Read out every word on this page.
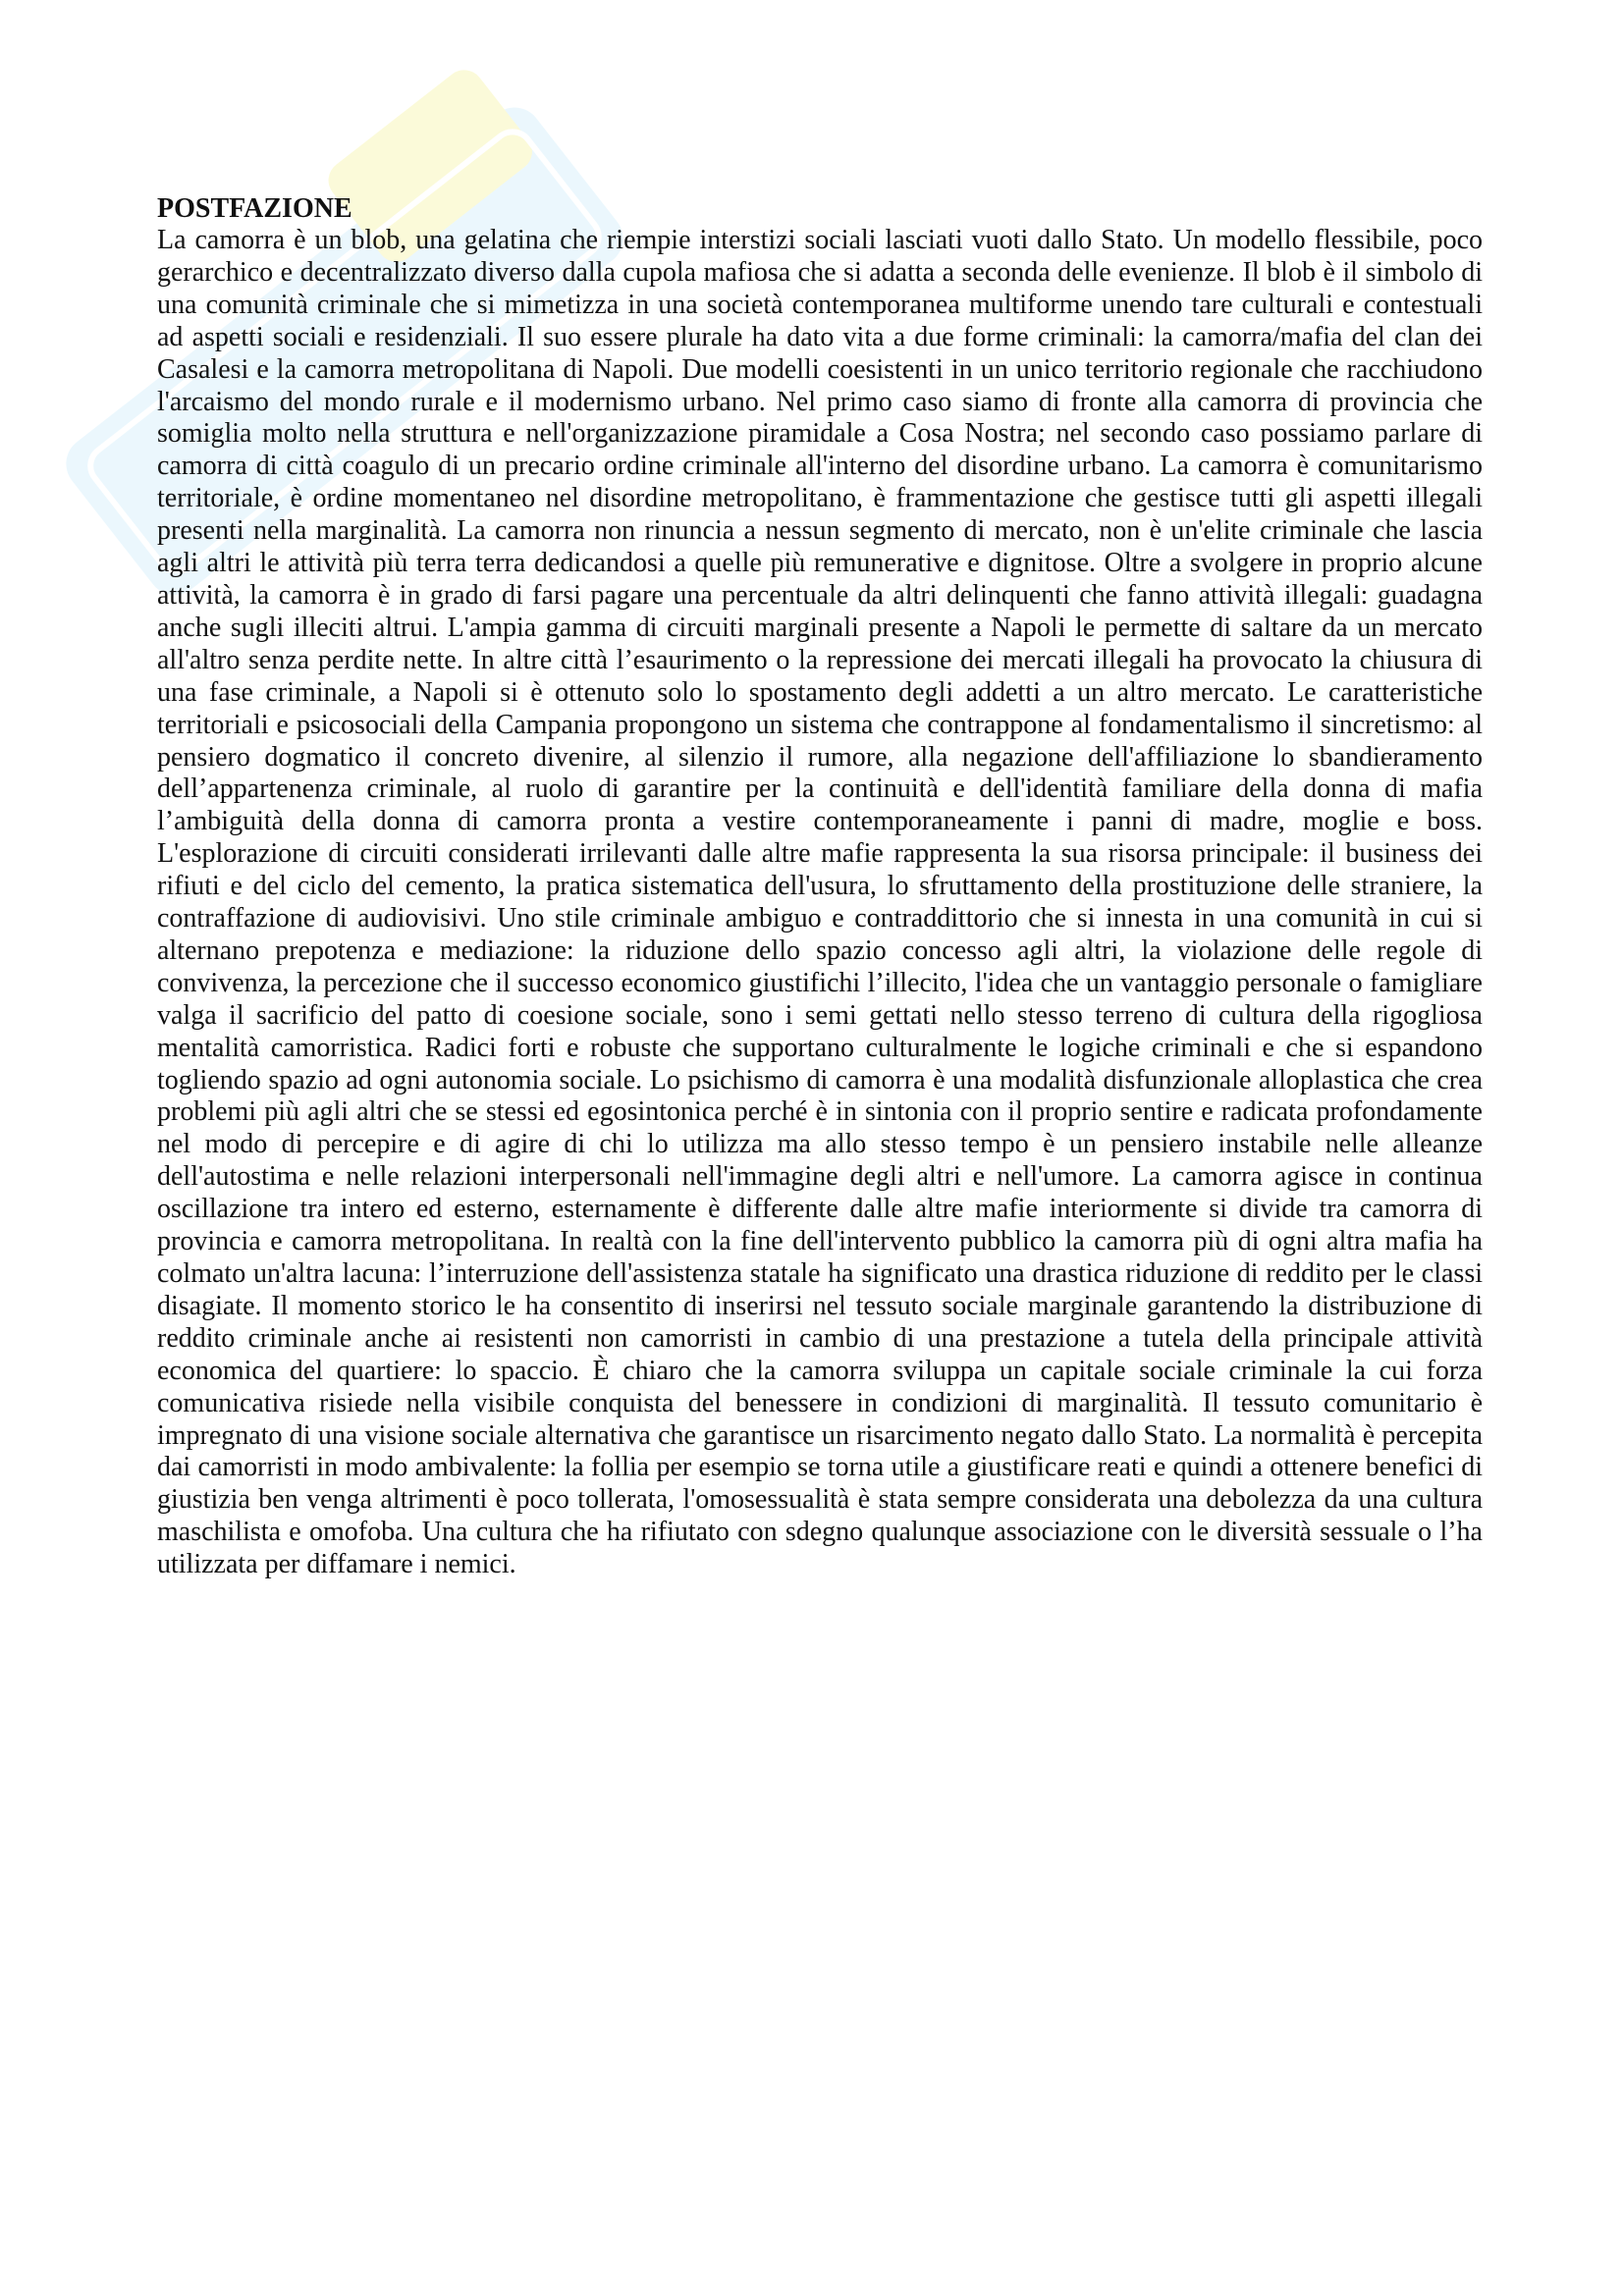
POSTFAZIONE

La camorra è un blob, una gelatina che riempie interstizi sociali lasciati vuoti dallo Stato. Un modello flessibile, poco gerarchico e decentralizzato diverso dalla cupola mafiosa che si adatta a seconda delle evenienze. Il blob è il simbolo di una comunità criminale che si mimetizza in una società contemporanea multiforme unendo tare culturali e contestuali ad aspetti sociali e residenziali. Il suo essere plurale ha dato vita a due forme criminali: la camorra/mafia del clan dei Casalesi e la camorra metropolitana di Napoli. Due modelli coesistenti in un unico territorio regionale che racchiudono l'arcaismo del mondo rurale e il modernismo urbano. Nel primo caso siamo di fronte alla camorra di provincia che somiglia molto nella struttura e nell'organizzazione piramidale a Cosa Nostra; nel secondo caso possiamo parlare di camorra di città coagulo di un precario ordine criminale all'interno del disordine urbano. La camorra è comunitarismo territoriale, è ordine momentaneo nel disordine metropolitano, è frammentazione che gestisce tutti gli aspetti illegali presenti nella marginalità. La camorra non rinuncia a nessun segmento di mercato, non è un'elite criminale che lascia agli altri le attività più terra terra dedicandosi a quelle più remunerative e dignitose. Oltre a svolgere in proprio alcune attività, la camorra è in grado di farsi pagare una percentuale da altri delinquenti che fanno attività illegali: guadagna anche sugli illeciti altrui. L'ampia gamma di circuiti marginali presente a Napoli le permette di saltare da un mercato all'altro senza perdite nette. In altre città l’esaurimento o la repressione dei mercati illegali ha provocato la chiusura di una fase criminale, a Napoli si è ottenuto solo lo spostamento degli addetti a un altro mercato. Le caratteristiche territoriali e psicosociali della Campania propongono un sistema che contrappone al fondamentalismo il sincretismo: al pensiero dogmatico il concreto divenire, al silenzio il rumore, alla negazione dell'affiliazione lo sbandieramento dell’appartenenza criminale, al ruolo di garantire per la continuità e dell'identità familiare della donna di mafia l’ambiguità della donna di camorra pronta a vestire contemporaneamente i panni di madre, moglie e boss. L'esplorazione di circuiti considerati irrilevanti dalle altre mafie rappresenta la sua risorsa principale: il business dei rifiuti e del ciclo del cemento, la pratica sistematica dell'usura, lo sfruttamento della prostituzione delle straniere, la contraffazione di audiovisivi. Uno stile criminale ambiguo e contraddittorio che si innesta in una comunità in cui si alternano prepotenza e mediazione: la riduzione dello spazio concesso agli altri, la violazione delle regole di convivenza, la percezione che il successo economico giustifichi l’illecito, l'idea che un vantaggio personale o famigliare valga il sacrificio del patto di coesione sociale, sono i semi gettati nello stesso terreno di cultura della rigogliosa mentalità camorristica. Radici forti e robuste che supportano culturalmente le logiche criminali e che si espandono togliendo spazio ad ogni autonomia sociale. Lo psichismo di camorra è una modalità disfunzionale alloplastica che crea problemi più agli altri che se stessi ed egosintonica perché è in sintonia con il proprio sentire e radicata profondamente nel modo di percepire e di agire di chi lo utilizza ma allo stesso tempo è un pensiero instabile nelle alleanze dell'autostima e nelle relazioni interpersonali nell'immagine degli altri e nell'umore. La camorra agisce in continua oscillazione tra intero ed esterno, esternamente è differente dalle altre mafie interiormente si divide tra camorra di provincia e camorra metropolitana. In realtà con la fine dell'intervento pubblico la camorra più di ogni altra mafia ha colmato un'altra lacuna: l’interruzione dell'assistenza statale ha significato una drastica riduzione di reddito per le classi disagiate. Il momento storico le ha consentito di inserirsi nel tessuto sociale marginale garantendo la distribuzione di reddito criminale anche ai resistenti non camorristi in cambio di una prestazione a tutela della principale attività economica del quartiere: lo spaccio. È chiaro che la camorra sviluppa un capitale sociale criminale la cui forza comunicativa risiede nella visibile conquista del benessere in condizioni di marginalità. Il tessuto comunitario è impregnato di una visione sociale alternativa che garantisce un risarcimento negato dallo Stato. La normalità è percepita dai camorristi in modo ambivalente: la follia per esempio se torna utile a giustificare reati e quindi a ottenere benefici di giustizia ben venga altrimenti è poco tollerata, l'omosessualità è stata sempre considerata una debolezza da una cultura maschilista e omofoba. Una cultura che ha rifiutato con sdegno qualunque associazione con le diversità sessuale o l’ha utilizzata per diffamare i nemici.
